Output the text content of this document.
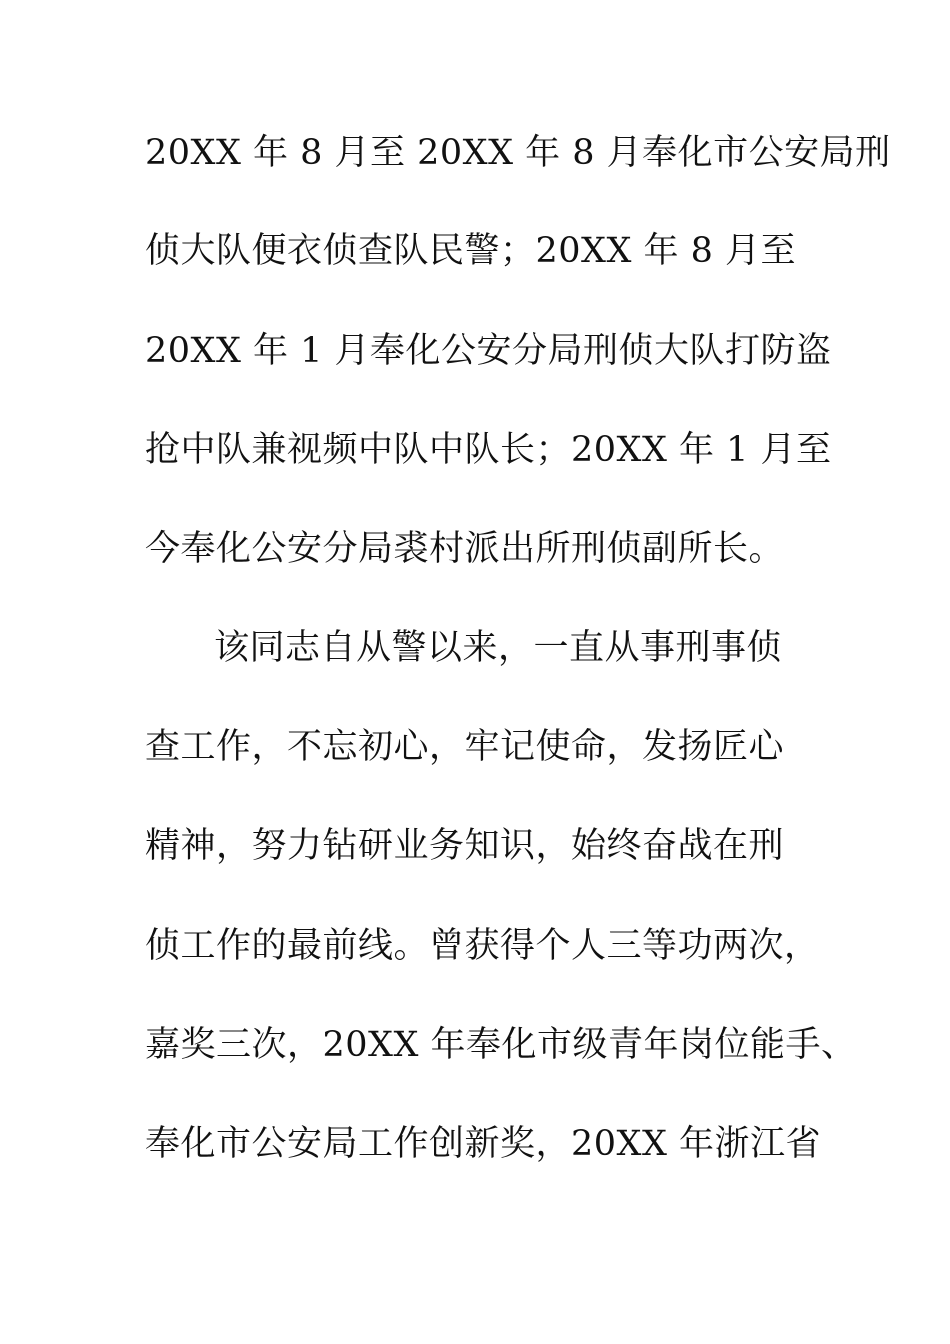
20XX 年 8 月至 20XX 年 8 月奉化市公安局刑
侦大队便衣侦查队民警；20XX 年 8 月至
20XX 年 1 月奉化公安分局刑侦大队打防盗
抢中队兼视频中队中队长；20XX 年 1 月至
今奉化公安分局裘村派出所刑侦副所长。
该同志自从警以来，一直从事刑事侦
查工作，不忘初心，牢记使命，发扬匠心
精神，努力钻研业务知识，始终奋战在刑
侦工作的最前线。曾获得个人三等功两次，
嘉奖三次，20XX 年奉化市级青年岗位能手、
奉化市公安局工作创新奖，20XX 年浙江省
